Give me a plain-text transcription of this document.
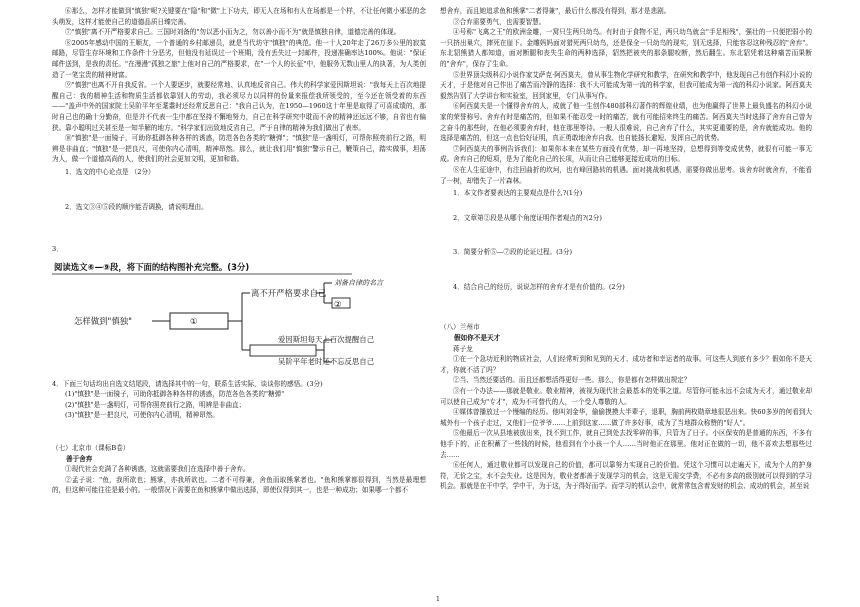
⑥那么，怎样才能做到"慎独"呢?关键要在"隐"和"微"上下功夫，即无人在场和有人在场都是一个样，不让任何微小邪恶的念头萌发，这样才能使自己的道德品质日臻完善。

⑦"慎独"离不开严格要求自己。三国时刘备的"勿以恶小而为之，勿以善小而不为"就是慎独自律，道德完善的体现。

⑧2005年感动中国的王顺友，一个普通的乡村邮递员，就是当代坊守"慎独"的典范。他一十人20年走了26万多公里的寂寞邮路，尽管生存环境和工作条件十分恶劣，但他没有延误过一个班期，没有丢失过一封邮件，投递准确率达100%。他说："保证邮件送到，是我的责任。"在漫漫"孤独之旅"上他对自己的严格要求，在"一个人的长征"中，他服务无数山里人的执著，为人类创造了一笔宝贵的精神财富。

⑨"慎独"也离不开自我反省。一个人要逐步，就要经常地、认真地反省自己。伟大的科学家爱因斯坦说："我每天上百次地提醒自己：我的精神生活和物质生活都依靠别人的劳动，我必须尽力以同样的份量来报偿我所领受的，至今还在领受着的东西——"盖声中外的国家院士吴阶平年至耄耋时还经常反思自己："我自己认为，在1950—1960这十年里是取得了可喜成绩的，那时自己也的确十分勤奋，但是并不代表一生中都在坚持不懈地努力，自己在科学研究中耽而不舍的精神还远远不够，自省也有偏狭。靠小聪明过关甚至是一知半解的地方。"科学家们出致地反省自己，严于自律的精神为我们做出了表率。

⑩"慎独"是一面镜子，可助你抵御各种各样的诱惑，防范各色各类的"糖弹"；"慎独"是一盏明灯，可帮你照亮前行之路，明辨是非曲直；"慎独"是一把良尺，可使你内心清明，精神昂然。那么，就让我们用"慎独"警示自己，鞭策自己，踏实做事，坦荡为人，做一个道德高尚的人，使我们的社会更加文明，更加和谐。

1．选文的中心论点是 （2分）

2．选文③④⑤段的顺序能否调换，请说明理由。

3．

阅读选文⑥—⑨段，将下面的结构图补充完整。(3分)
怎样做到"慎独"	①
离不开严格要求自己
刘备自律的名言
②
爱因斯坦每天上百次提醒自己
吴阶平年老时还不忘反思自己

4．下面三句话均出自选文结尾段，请选择其中的一句，联系生活实际，谈谈你的感悟。(3分)

(1)"慎独"是一面镜子，可助你抵御各种各样的诱惑，防范各色各类的"糖弹"

(2)"慎独"是一盏明灯，可帮你照亮前行之路，明辨是非曲直；

(3)"慎独"是一把良尺，可使你内心清明，精神昂然。

（七）北京市（课标B卷）

善于舍弃

①现代社会充满了各种诱惑，这就需要我们在选择中善于舍弃。

②孟子说："鱼，我所欲也；熊掌，亦我所欲也。二者不可得兼，舍鱼而取熊掌者也。"鱼和熊掌都很得到，当然是最理想的，但这种可能往往是最小的。一般情况下需要在鱼和熊掌中做出选择，即使仅得到其一，也是一种成功；如果哪一个都不

想舍弃，而且她追求鱼和熊掌"二者得兼"，最后什么都没有得到，那才是悲剧。

③合弃需要勇气，也需要智慧。

④号称"飞禽之王"的欧洲金雕，一窝只生两只幼鸟。有时由于食物不足，两只幼鸟就会"手足相残"，强壮的一只便把弱小的一只挤出巢穴，摔死在崖下。金雕妈妈面对猎死两只幼鸟，还是保全一只幼鸟的现实，别无选择，只能容忍这种残忍的"舍弃"。东北貂熊猎人都知道，面对断腿和丧失生命的两种选择，貂然把被夹的那条腿咬断，然后翻生。东北貂凭着这种痛苦而果断的"舍弃"，保存了生命。

⑤世界顶尖级科幻小说作家艾萨克·阿西莫夫，曾从事生物化学研究和教学，在研究和教学中，他发现自己有创作科幻小说的天才，于是他对自己作出了痛苦而冷静的选择：我不大可能成为第一流的科学家，但我可能成为第一流的科幻小说家。阿西莫夫毅然告别了大学讲台和实验室，回到家里，专门从事写作。

⑥阿西莫夫是一个懂得舍弃的人，成就了他一生创作480部科幻著作的辉煌业绩，也为他赢得了世界上最负盛名的科幻小说家的荣誉称号。舍弃有时是痛苦的，但如果不能忍受一时的痛苦，就有可能招来终生的痛苦。阿西莫夫当时选择了舍弃自己曾为之奋斗的那些时，在他必须要舍弃时，他在那里等待。一般人很难说，自己舍弃了什么，其实更重要的是，舍弃就能成功。他的选择是痛苦的，但这一点也恰好证明，真正勇敢地舍弃自我、也自能扬长避短、发挥自己的优势。

⑦阿西莫夫的事例告诉我们：如果你本来在某些方面没有优势，却一再地坚持，总想得到等变成优势，就很有可能一事无成。舍弃自己的短项，是为了能化自己的长项，从而让自己能够更接近成功的目标。

⑧在人生征途中，有注回曲折的坎坷，也有峰回路转的机遇。面对挑战和机遇，需要你做出思考。该舍弃时就舍弃，不能看了一树，却错失了一片森林。

1．本文作者要表达的主要观点是什么?(1分)

2．文章第②段是从哪个角度证明作者观点的?(2分)

3．简要分析⑤—⑦段的论证过程。(3分)

4．结合自己的经历，说说怎样的舍弃才是有价值的。(2分)

（八）兰州市

假如你不是天才

蒋子龙

①在一个急功近利的物质社会，人们经常听到和见到的天才、成功者和幸运者的故事。可这些人到底有多少？假如你不是天才，你就不活了吗？

②当、当然还要活的。而且还都想活得更好一些。那么，你是都有怎样做出规定？

③有一个办法——那就是敬业。敬业精神，被视为现代社会最基本的处事之道。尽管你可能永远不会成为天才，通过敬业却可以使自己成为"专才"，成为不可替代的人，一个受人尊敬的人。

④媒体曾播放过一个慢编的经历。他叫刘金华，偷偷摸摸大半辈子，退职，胸前两枚勋章地很恶出来。快60多岁的何看到大城外有一个孩子走过，又他们一位爷爷……上前到这家……做了许多好事，成为了当地群众称赞的"好人"。

⑤他最后一次从县地被放出来，找不到工作，就自己到处去找零碎的事，只管为了日子。小区保安的是普通的东西，不多有他手下的，正在积蓄了一些钱的时候，他看到有个小孩一个人……当时他正在那里。他对正在做的一切，他不喜欢去想那些过去……

⑥任何人，通过敬业都可以发现自己的价值，都可以靠努力实现自己的价值。凭这个习惯可以走遍天下，成为个人的护身符，无价之宝，水不会失业。这是因为，敬业者都善于发现学习的机会，这是无需交学费，不必有多高的级别就可以得到的学习机会。那就是在干中学，学中干，为于这，为于得好而学。而学习的机认会中，就常常包含着发财的机会、成功的机会，甚至说

1
